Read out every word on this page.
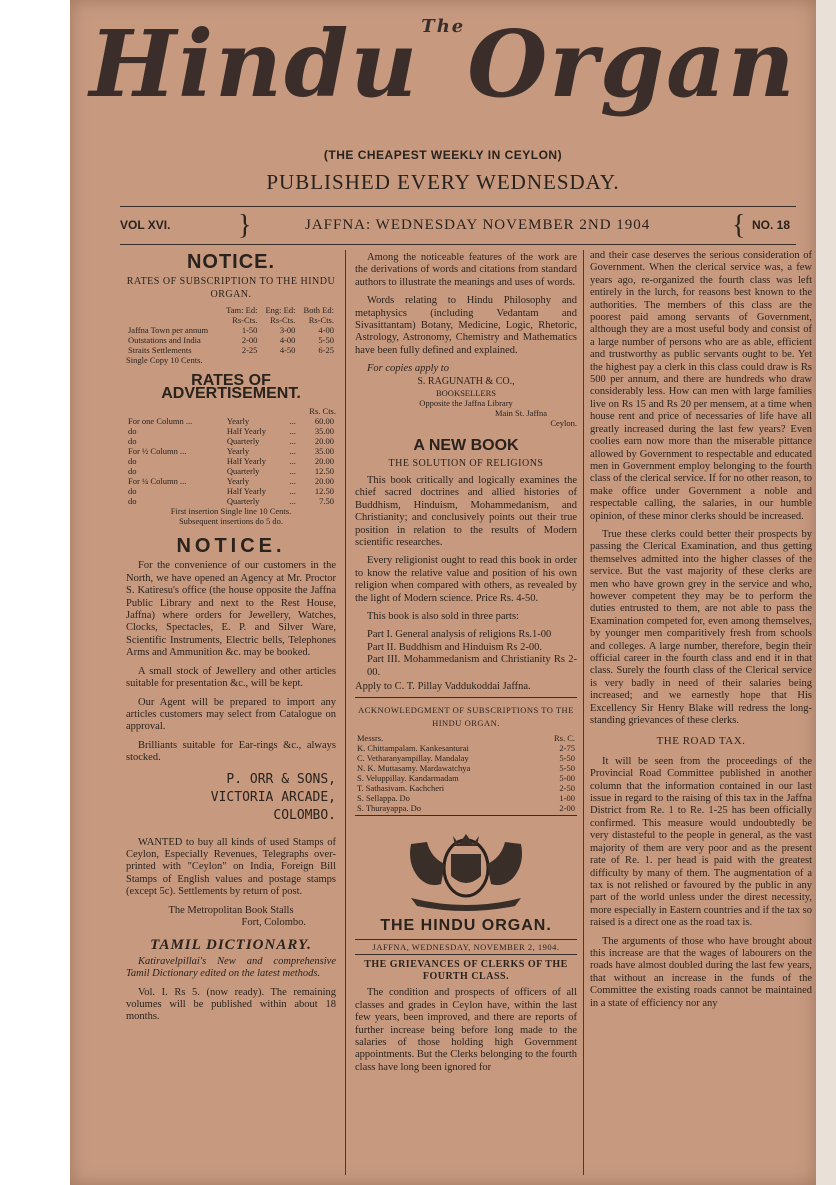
Hindu $^{The}$Organ
(THE CHEAPEST WEEKLY IN CEYLON)
PUBLISHED EVERY WEDNESDAY.
VOL XVI. }	JAFFNA: WEDNESDAY NOVEMBER 2ND 1904	{ NO. 18
NOTICE.
RATES OF SUBSCRIPTION TO THE HINDU ORGAN.
	Tam: Ed:	Eng: Ed:	Both Ed:
	Rs-Cts.	Rs-Cts.	Rs-Cts.
Jaffna Town per annum	1-50	3-00	4-00
Outstations and India	2-00	4-00	5-50
Straits Settlements	2-25	4-50	6-25
Single Copy 10 Cents.
RATES OF ADVERTISEMENT.
Rs. Cts.
For one Column ...	Yearly	...	60.00
do	Half Yearly	...	35.00
do	Quarterly	...	20.00
For ½ Column ...	Yearly	...	35.00
do	Half Yearly	...	20.00
do	Quarterly	...	12.50
For ¼ Column ...	Yearly	...	20.00
do	Half Yearly	...	12.50
do	Quarterly	...	7.50
First insertion Single line 10 Cents.
Subsequent insertions do 5 do.
NOTICE.

For the convenience of our customers in the North, we have opened an Agency at Mr. Proctor S. Katiresu's office (the house opposite the Jaffna Public Library and next to the Rest House, Jaffna) where orders for Jewellery, Watches, Clocks, Spectacles, E. P. and Silver Ware, Scientific Instruments, Electric bells, Telephones Arms and Ammunition &c. may be booked.

A small stock of Jewellery and other articles suitable for presentation &c., will be kept.

Our Agent will be prepared to import any articles customers may select from Catalogue on approval.

Brilliants suitable for Ear-rings &c., always stocked.

P. ORR & SONS,
VICTORIA ARCADE,
COLOMBO.

WANTED to buy all kinds of used Stamps of Ceylon, Especially Revenues, Telegraphs over-printed with "Ceylon" on India, Foreign Bill Stamps of English values and postage stamps (except 5c). Settlements by return of post.

The Metropolitan Book Stalls
Fort, Colombo.
TAMIL DICTIONARY.

Katiravelpillai's New and comprehensive Tamil Dictionary edited on the latest methods.

Vol. I. Rs 5. (now ready). The remaining volumes will be published within about 18 months.

Among the noticeable features of the work are the derivations of words and citations from standard authors to illustrate the meanings and uses of words.

Words relating to Hindu Philosophy and metaphysics (including Vedantam and Sivasittantam) Botany, Medicine, Logic, Rhetoric, Astrology, Astronomy, Chemistry and Mathematics have been fully defined and explained.

For copies apply to
S. RAGUNATH & CO.,
BOOKSELLERS
Opposite the Jaffna Library
Main St. Jaffna
Ceylon.
A NEW BOOK
THE SOLUTION OF RELIGIONS

This book critically and logically examines the chief sacred doctrines and allied histories of Buddhism, Hinduism, Mohammedanism, and Christianity; and conclusively points out their true position in relation to the results of Modern scientific researches.

Every religionist ought to read this book in order to know the relative value and position of his own religion when compared with others, as revealed by the light of Modern science. Price Rs. 4-50.

This book is also sold in three parts:

Part I. General analysis of religions Rs.1-00
Part II. Buddhism and Hinduism Rs 2-00.
Part III. Mohammedanism and Christianity Rs 2-00.
Apply to C. T. Pillay Vaddukoddai Jaffna.
ACKNOWLEDGMENT OF SUBSCRIPTIONS TO THE HINDU ORGAN.
Messrs.	Rs. C.
K. Chittampalam. Kankesanturai	2-75
C. Vetharanyampillay. Mandalay	5-50
N. K. Muttasamy. Mardawatchya	5-50
S. Veluppillay. Kandarmadam	5-00
T. Sathasivam. Kachcheri	2-50
S. Sellappa. Do	1-00
S. Thurayappa. Do	2-00
THE HINDU ORGAN.
JAFFNA, WEDNESDAY, NOVEMBER 2, 1904.
THE GRIEVANCES OF CLERKS OF THE FOURTH CLASS.

The condition and prospects of officers of all classes and grades in Ceylon have, within the last few years, been improved, and there are reports of further increase being before long made to the salaries of those holding high Government appointments. But the Clerks belonging to the fourth class have long been ignored for

and their case deserves the serious consideration of Government. When the clerical service was, a few years ago, re-organized the fourth class was left entirely in the lurch, for reasons best known to the authorities. The members of this class are the poorest paid among servants of Government, although they are a most useful body and consist of a large number of persons who are as able, efficient and trustworthy as public servants ought to be. Yet the highest pay a clerk in this class could draw is Rs 500 per annum, and there are hundreds who draw considerably less. How can men with large families live on Rs 15 and Rs 20 per mensem, at a time when house rent and price of necessaries of life have all greatly increased during the last few years? Even coolies earn now more than the miserable pittance allowed by Government to respectable and educated men in Government employ belonging to the fourth class of the clerical service. If for no other reason, to make office under Government a noble and respectable calling, the salaries, in our humble opinion, of these minor clerks should be increased.

True these clerks could better their prospects by passing the Clerical Examination, and thus getting themselves admitted into the higher classes of the service. But the vast majority of these clerks are men who have grown grey in the service and who, however competent they may be to perform the duties entrusted to them, are not able to pass the Examination competed for, even among themselves, by younger men comparitively fresh from schools and colleges. A large number, therefore, begin their official career in the fourth class and end it in that class. Surely the fourth class of the Clerical service is very badly in need of their salaries being increased; and we earnestly hope that His Excellency Sir Henry Blake will redress the long-standing grievances of these clerks.

THE ROAD TAX.

It will be seen from the proceedings of the Provincial Road Committee published in another column that the information contained in our last issue in regard to the raising of this tax in the Jaffna District from Re. 1 to Re. 1-25 has been officially confirmed. This measure would undoubtedly be very distasteful to the people in general, as the vast majority of them are very poor and as the present rate of Re. 1. per head is paid with the greatest difficulty by many of them. The augmentation of a tax is not relished or favoured by the public in any part of the world unless under the direst necessity, more especially in Eastern countries and if the tax so raised is a direct one as the road tax is.

The arguments of those who have brought about this increase are that the wages of labourers on the roads have almost doubled during the last few years, that without an increase in the funds of the Committee the existing roads cannot be maintained in a state of efficiency nor any
